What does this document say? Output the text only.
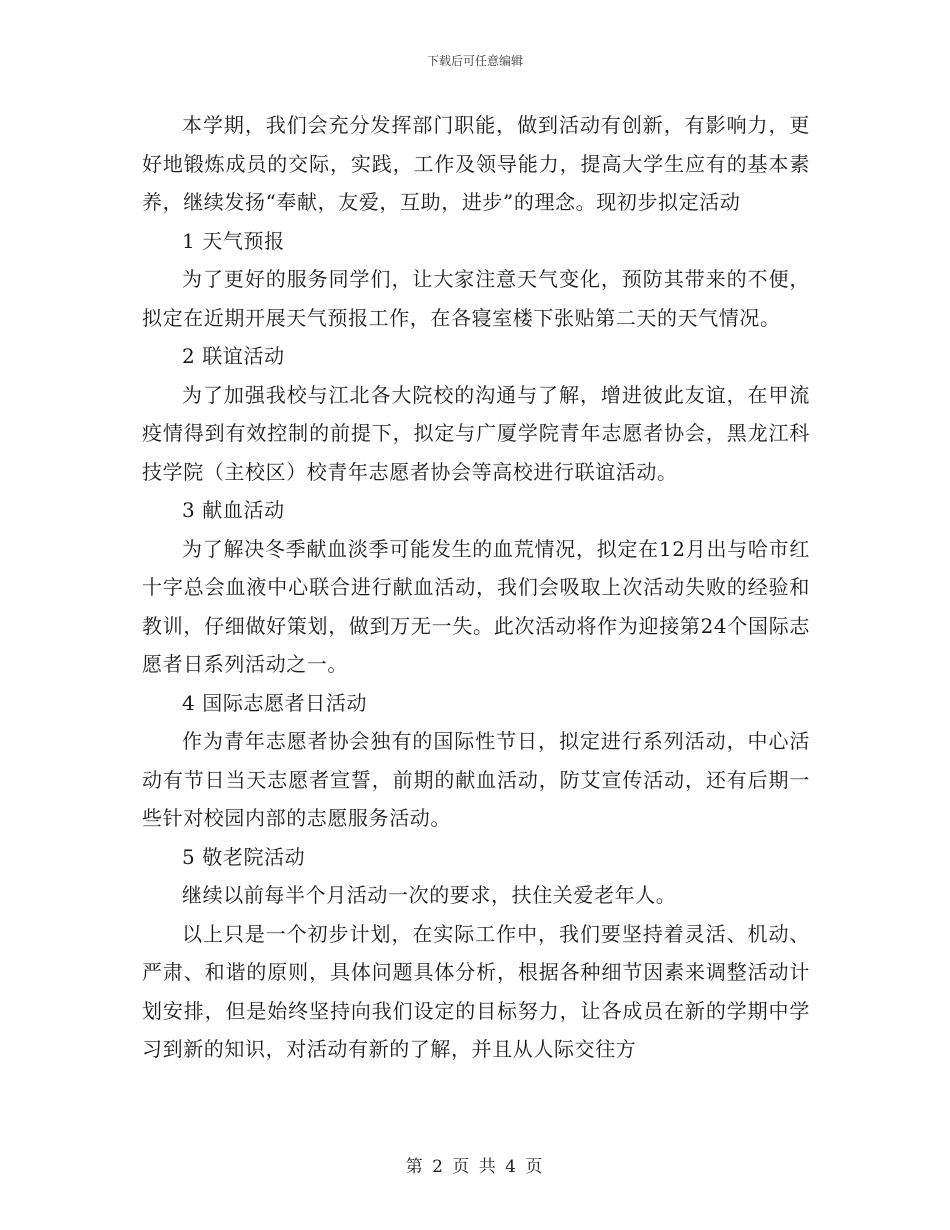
下载后可任意编辑

本学期，我们会充分发挥部门职能，做到活动有创新，有影响力，更好地锻炼成员的交际，实践，工作及领导能力，提高大学生应有的基本素养，继续发扬“奉献，友爱，互助，进步”的理念。现初步拟定活动

1 天气预报

为了更好的服务同学们，让大家注意天气变化，预防其带来的不便，拟定在近期开展天气预报工作，在各寝室楼下张贴第二天的天气情况。

2 联谊活动

为了加强我校与江北各大院校的沟通与了解，增进彼此友谊，在甲流疫情得到有效控制的前提下，拟定与广厦学院青年志愿者协会，黑龙江科技学院（主校区）校青年志愿者协会等高校进行联谊活动。

3 献血活动

为了解决冬季献血淡季可能发生的血荒情况，拟定在12月出与哈市红十字总会血液中心联合进行献血活动，我们会吸取上次活动失败的经验和教训，仔细做好策划，做到万无一失。此次活动将作为迎接第24个国际志愿者日系列活动之一。

4 国际志愿者日活动

作为青年志愿者协会独有的国际性节日，拟定进行系列活动，中心活动有节日当天志愿者宣誓，前期的献血活动，防艾宣传活动，还有后期一些针对校园内部的志愿服务活动。

5 敬老院活动

继续以前每半个月活动一次的要求，扶住关爱老年人。

以上只是一个初步计划，在实际工作中，我们要坚持着灵活、机动、严肃、和谐的原则，具体问题具体分析，根据各种细节因素来调整活动计划安排，但是始终坚持向我们设定的目标努力，让各成员在新的学期中学习到新的知识，对活动有新的了解，并且从人际交往方

第 2 页 共 4 页
